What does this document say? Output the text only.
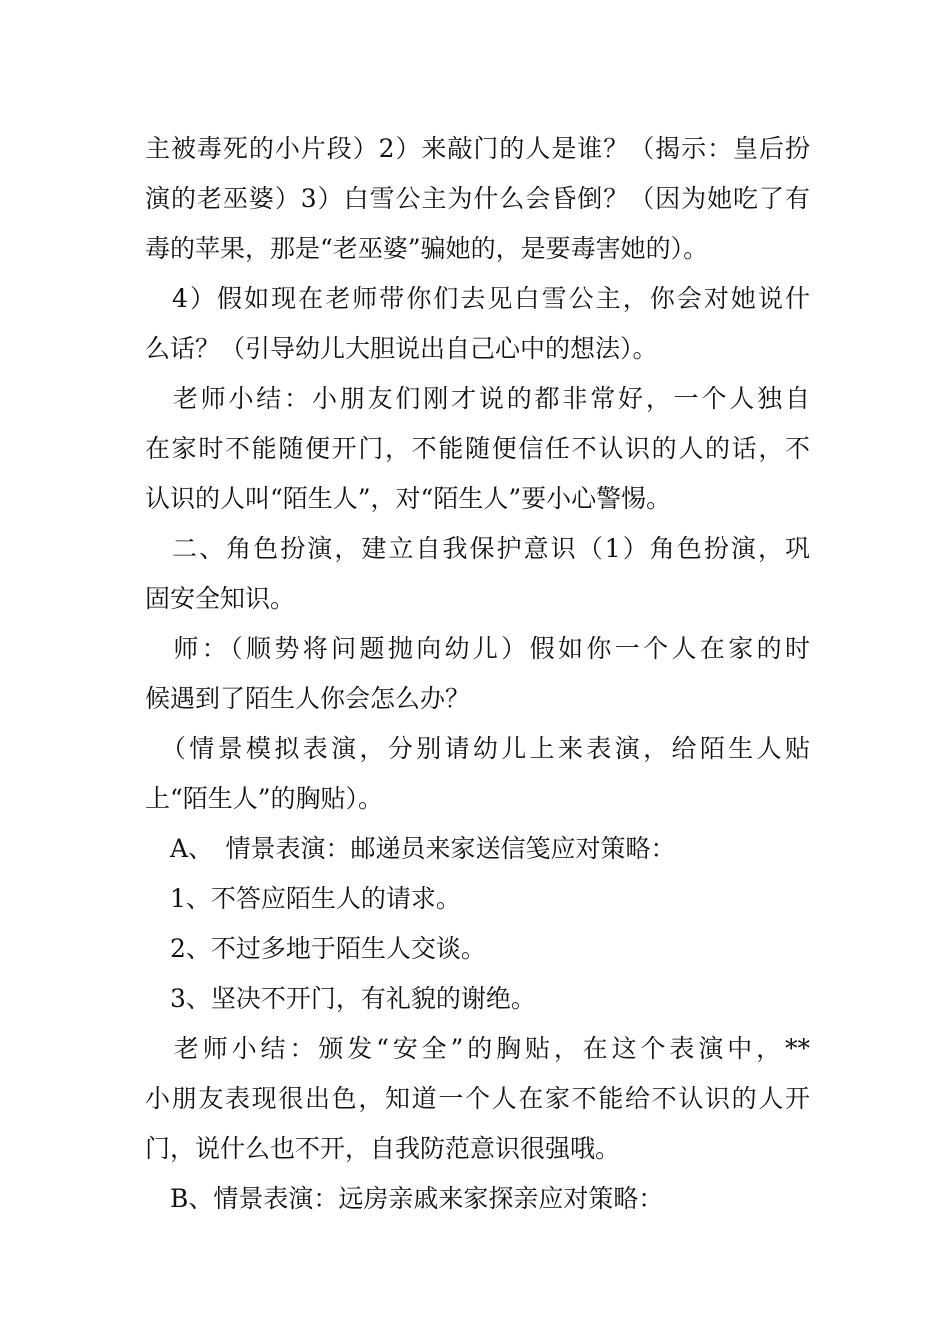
主被毒死的小片段）2）来敲门的人是谁？（揭示：皇后扮
演的老巫婆）3）白雪公主为什么会昏倒？（因为她吃了有
毒的苹果，那是“老巫婆”骗她的，是要毒害她的）。
　4）假如现在老师带你们去见白雪公主，你会对她说什
么话？（引导幼儿大胆说出自己心中的想法）。
　老师小结：小朋友们刚才说的都非常好，一个人独自
在家时不能随便开门，不能随便信任不认识的人的话，不
认识的人叫“陌生人”，对“陌生人”要小心警惕。
　二、角色扮演，建立自我保护意识（1）角色扮演，巩
固安全知识。
　师：（顺势将问题抛向幼儿）假如你一个人在家的时
候遇到了陌生人你会怎么办？
　（情景模拟表演，分别请幼儿上来表演，给陌生人贴
上“陌生人”的胸贴）。
　A、　情景表演：邮递员来家送信笺应对策略：
　1、不答应陌生人的请求。
　2、不过多地于陌生人交谈。
　3、坚决不开门，有礼貌的谢绝。
　老师小结：颁发“安全”的胸贴，在这个表演中，**
小朋友表现很出色，知道一个人在家不能给不认识的人开
门，说什么也不开，自我防范意识很强哦。
　B、情景表演：远房亲戚来家探亲应对策略：
